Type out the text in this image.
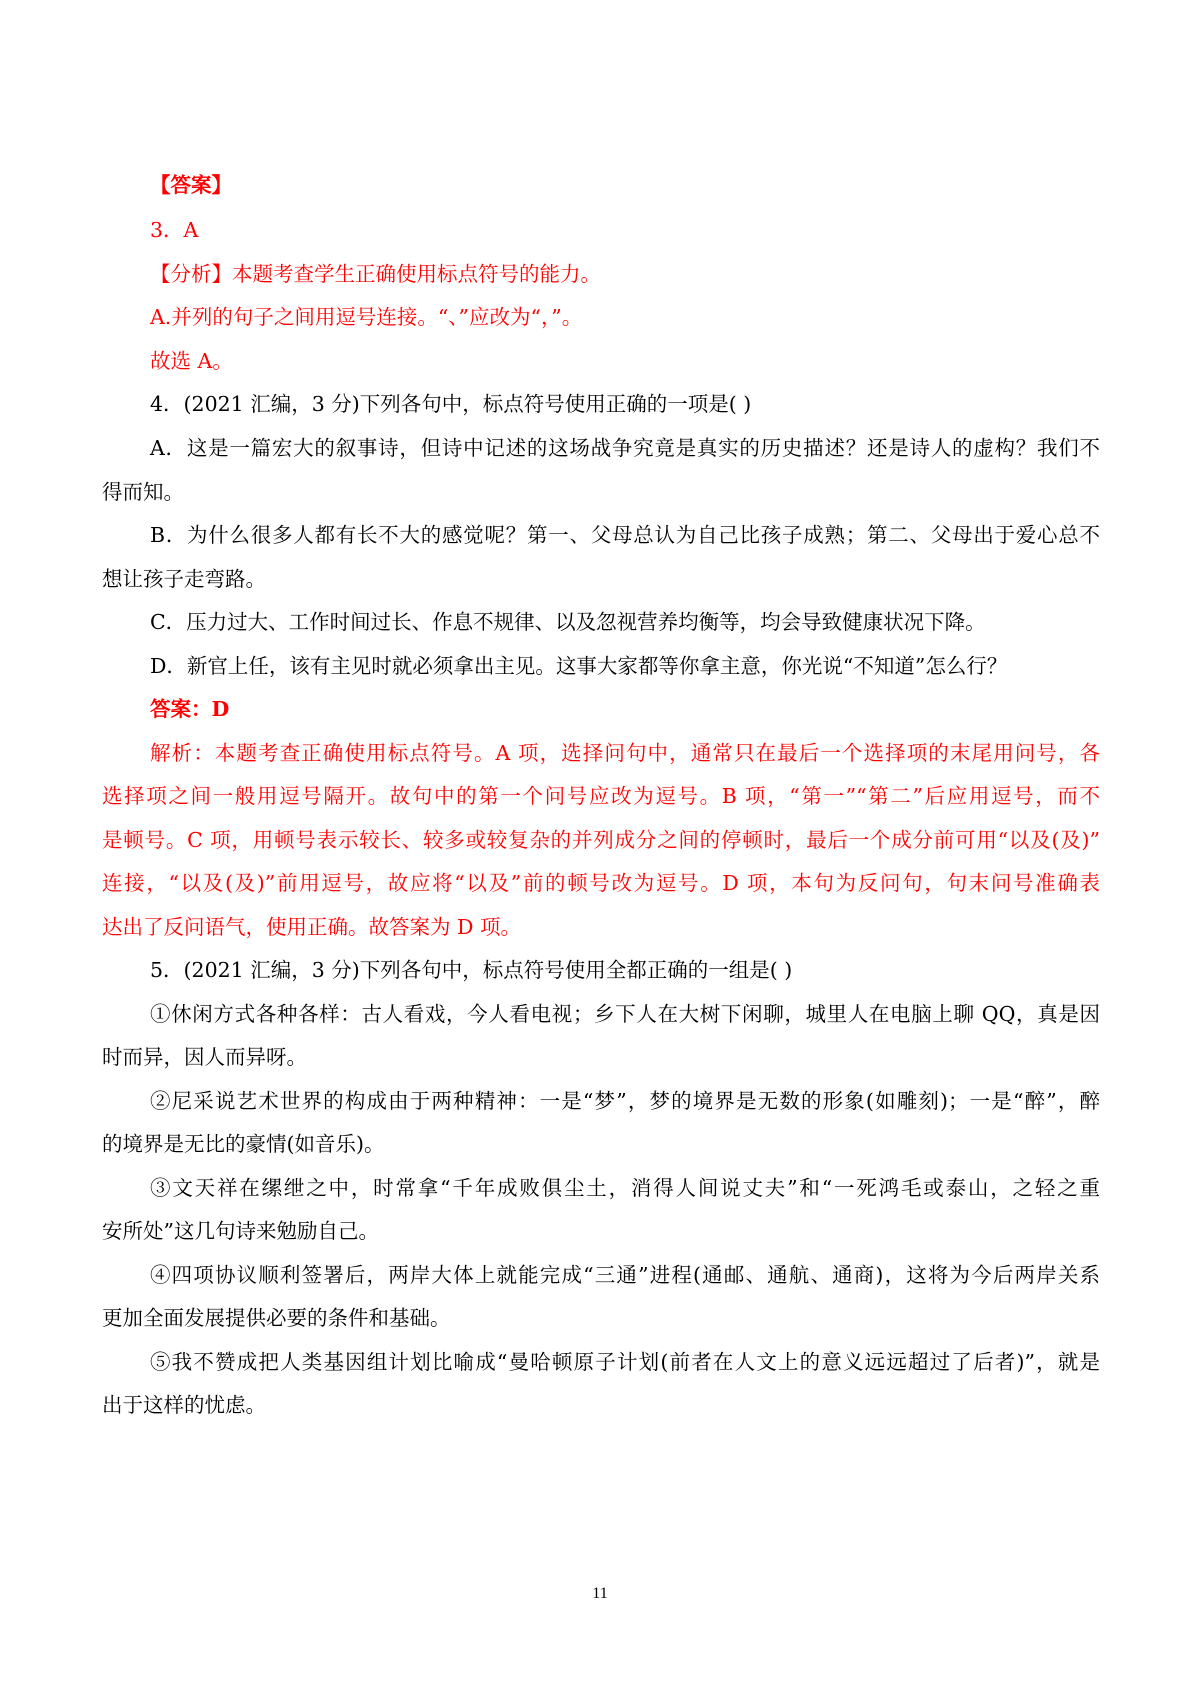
【答案】
3．A
【分析】本题考查学生正确使用标点符号的能力。
A.并列的句子之间用逗号连接。“、”应改为“，”。
故选 A。
4．(2021 汇编，3 分)下列各句中，标点符号使用正确的一项是( )
A．这是一篇宏大的叙事诗，但诗中记述的这场战争究竟是真实的历史描述？还是诗人的虚构？我们不
得而知。
B．为什么很多人都有长不大的感觉呢？第一、父母总认为自己比孩子成熟；第二、父母出于爱心总不
想让孩子走弯路。
C．压力过大、工作时间过长、作息不规律、以及忽视营养均衡等，均会导致健康状况下降。
D．新官上任，该有主见时就必须拿出主见。这事大家都等你拿主意，你光说“不知道”怎么行？
答案：D
解析：本题考查正确使用标点符号。A 项，选择问句中，通常只在最后一个选择项的末尾用问号，各
选择项之间一般用逗号隔开。故句中的第一个问号应改为逗号。B 项，“第一”“第二”后应用逗号，而不
是顿号。C 项，用顿号表示较长、较多或较复杂的并列成分之间的停顿时，最后一个成分前可用“以及(及)”
连接，“以及(及)”前用逗号，故应将“以及”前的顿号改为逗号。D 项，本句为反问句，句末问号准确表
达出了反问语气，使用正确。故答案为 D 项。
5．(2021 汇编，3 分)下列各句中，标点符号使用全都正确的一组是( )
①休闲方式各种各样：古人看戏，今人看电视；乡下人在大树下闲聊，城里人在电脑上聊 QQ，真是因
时而异，因人而异呀。
②尼采说艺术世界的构成由于两种精神：一是“梦”，梦的境界是无数的形象(如雕刻)；一是“醉”，醉
的境界是无比的豪情(如音乐)。
③文天祥在缧绁之中，时常拿“千年成败俱尘土，消得人间说丈夫”和“一死鸿毛或泰山，之轻之重
安所处”这几句诗来勉励自己。
④四项协议顺利签署后，两岸大体上就能完成“三通”进程(通邮、通航、通商)，这将为今后两岸关系
更加全面发展提供必要的条件和基础。
⑤我不赞成把人类基因组计划比喻成“曼哈顿原子计划(前者在人文上的意义远远超过了后者)”，就是
出于这样的忧虑。
11
